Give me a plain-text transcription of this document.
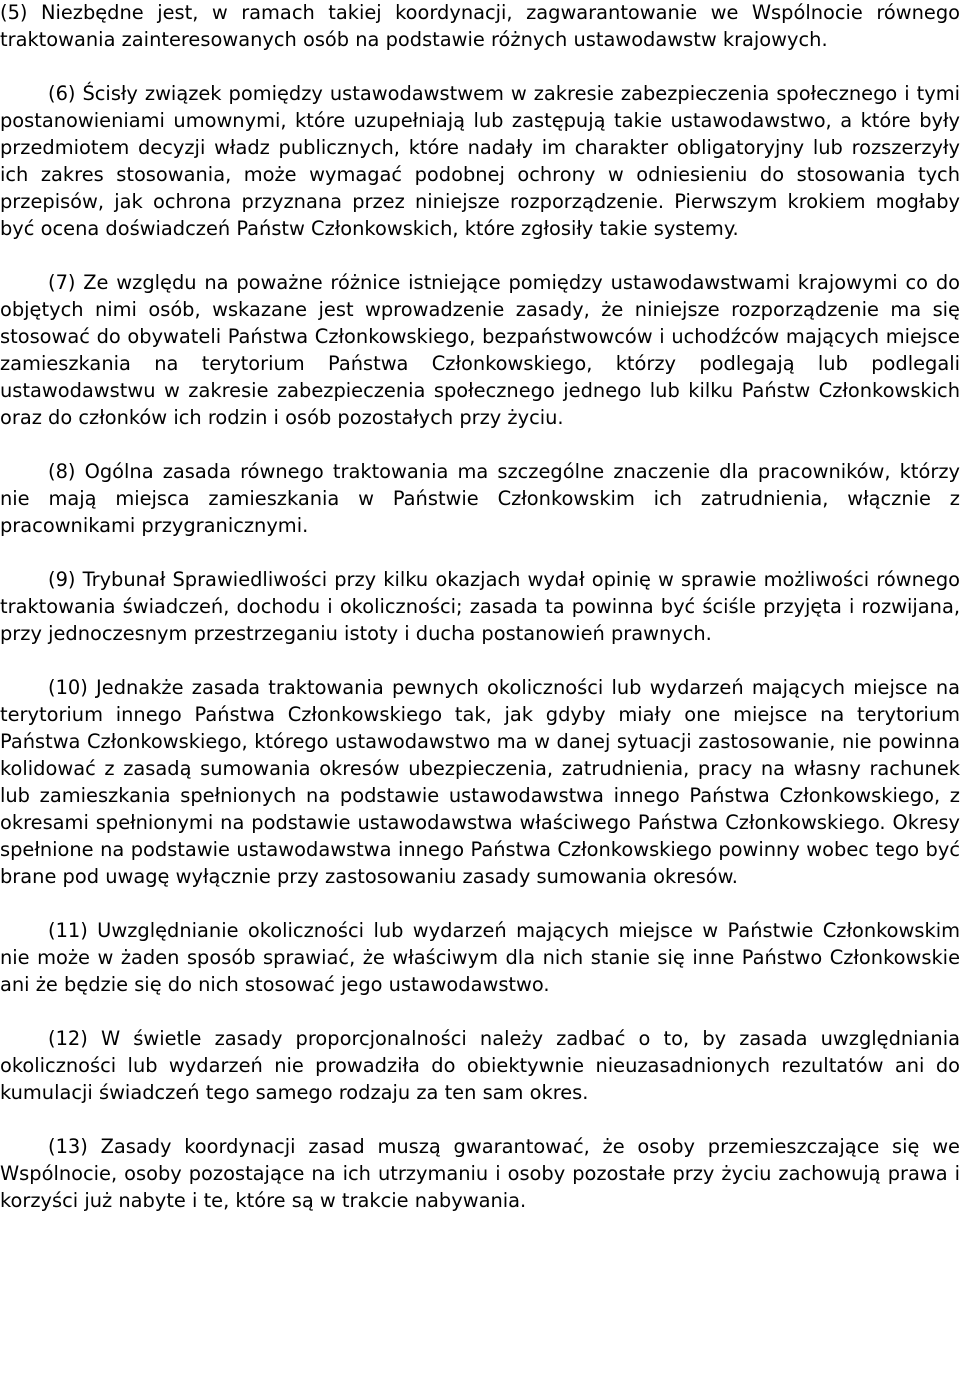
(5) Niezbędne jest, w ramach takiej koordynacji, zagwarantowanie we Wspólnocie równego traktowania zainteresowanych osób na podstawie różnych ustawodawstw krajowych.

(6) Ścisły związek pomiędzy ustawodawstwem w zakresie zabezpieczenia społecznego i tymi postanowieniami umownymi, które uzupełniają lub zastępują takie ustawodawstwo, a które były przedmiotem decyzji władz publicznych, które nadały im charakter obligatoryjny lub rozszerzyły ich zakres stosowania, może wymagać podobnej ochrony w odniesieniu do stosowania tych przepisów, jak ochrona przyznana przez niniejsze rozporządzenie. Pierwszym krokiem mogłaby być ocena doświadczeń Państw Członkowskich, które zgłosiły takie systemy.

(7) Ze względu na poważne różnice istniejące pomiędzy ustawodawstwami krajowymi co do objętych nimi osób, wskazane jest wprowadzenie zasady, że niniejsze rozporządzenie ma się stosować do obywateli Państwa Członkowskiego, bezpaństwowców i uchodźców mających miejsce zamieszkania na terytorium Państwa Członkowskiego, którzy podlegają lub podlegali ustawodawstwu w zakresie zabezpieczenia społecznego jednego lub kilku Państw Członkowskich oraz do członków ich rodzin i osób pozostałych przy życiu.

(8) Ogólna zasada równego traktowania ma szczególne znaczenie dla pracowników, którzy nie mają miejsca zamieszkania w Państwie Członkowskim ich zatrudnienia, włącznie z pracownikami przygranicznymi.

(9) Trybunał Sprawiedliwości przy kilku okazjach wydał opinię w sprawie możliwości równego traktowania świadczeń, dochodu i okoliczności; zasada ta powinna być ściśle przyjęta i rozwijana, przy jednoczesnym przestrzeganiu istoty i ducha postanowień prawnych.

(10) Jednakże zasada traktowania pewnych okoliczności lub wydarzeń mających miejsce na terytorium innego Państwa Członkowskiego tak, jak gdyby miały one miejsce na terytorium Państwa Członkowskiego, którego ustawodawstwo ma w danej sytuacji zastosowanie, nie powinna kolidować z zasadą sumowania okresów ubezpieczenia, zatrudnienia, pracy na własny rachunek lub zamieszkania spełnionych na podstawie ustawodawstwa innego Państwa Członkowskiego, z okresami spełnionymi na podstawie ustawodawstwa właściwego Państwa Członkowskiego. Okresy spełnione na podstawie ustawodawstwa innego Państwa Członkowskiego powinny wobec tego być brane pod uwagę wyłącznie przy zastosowaniu zasady sumowania okresów.

(11) Uwzględnianie okoliczności lub wydarzeń mających miejsce w Państwie Członkowskim nie może w żaden sposób sprawiać, że właściwym dla nich stanie się inne Państwo Członkowskie ani że będzie się do nich stosować jego ustawodawstwo.

(12) W świetle zasady proporcjonalności należy zadbać o to, by zasada uwzględniania okoliczności lub wydarzeń nie prowadziła do obiektywnie nieuzasadnionych rezultatów ani do kumulacji świadczeń tego samego rodzaju za ten sam okres.

(13) Zasady koordynacji zasad muszą gwarantować, że osoby przemieszczające się we Wspólnocie, osoby pozostające na ich utrzymaniu i osoby pozostałe przy życiu zachowują prawa i korzyści już nabyte i te, które są w trakcie nabywania.
